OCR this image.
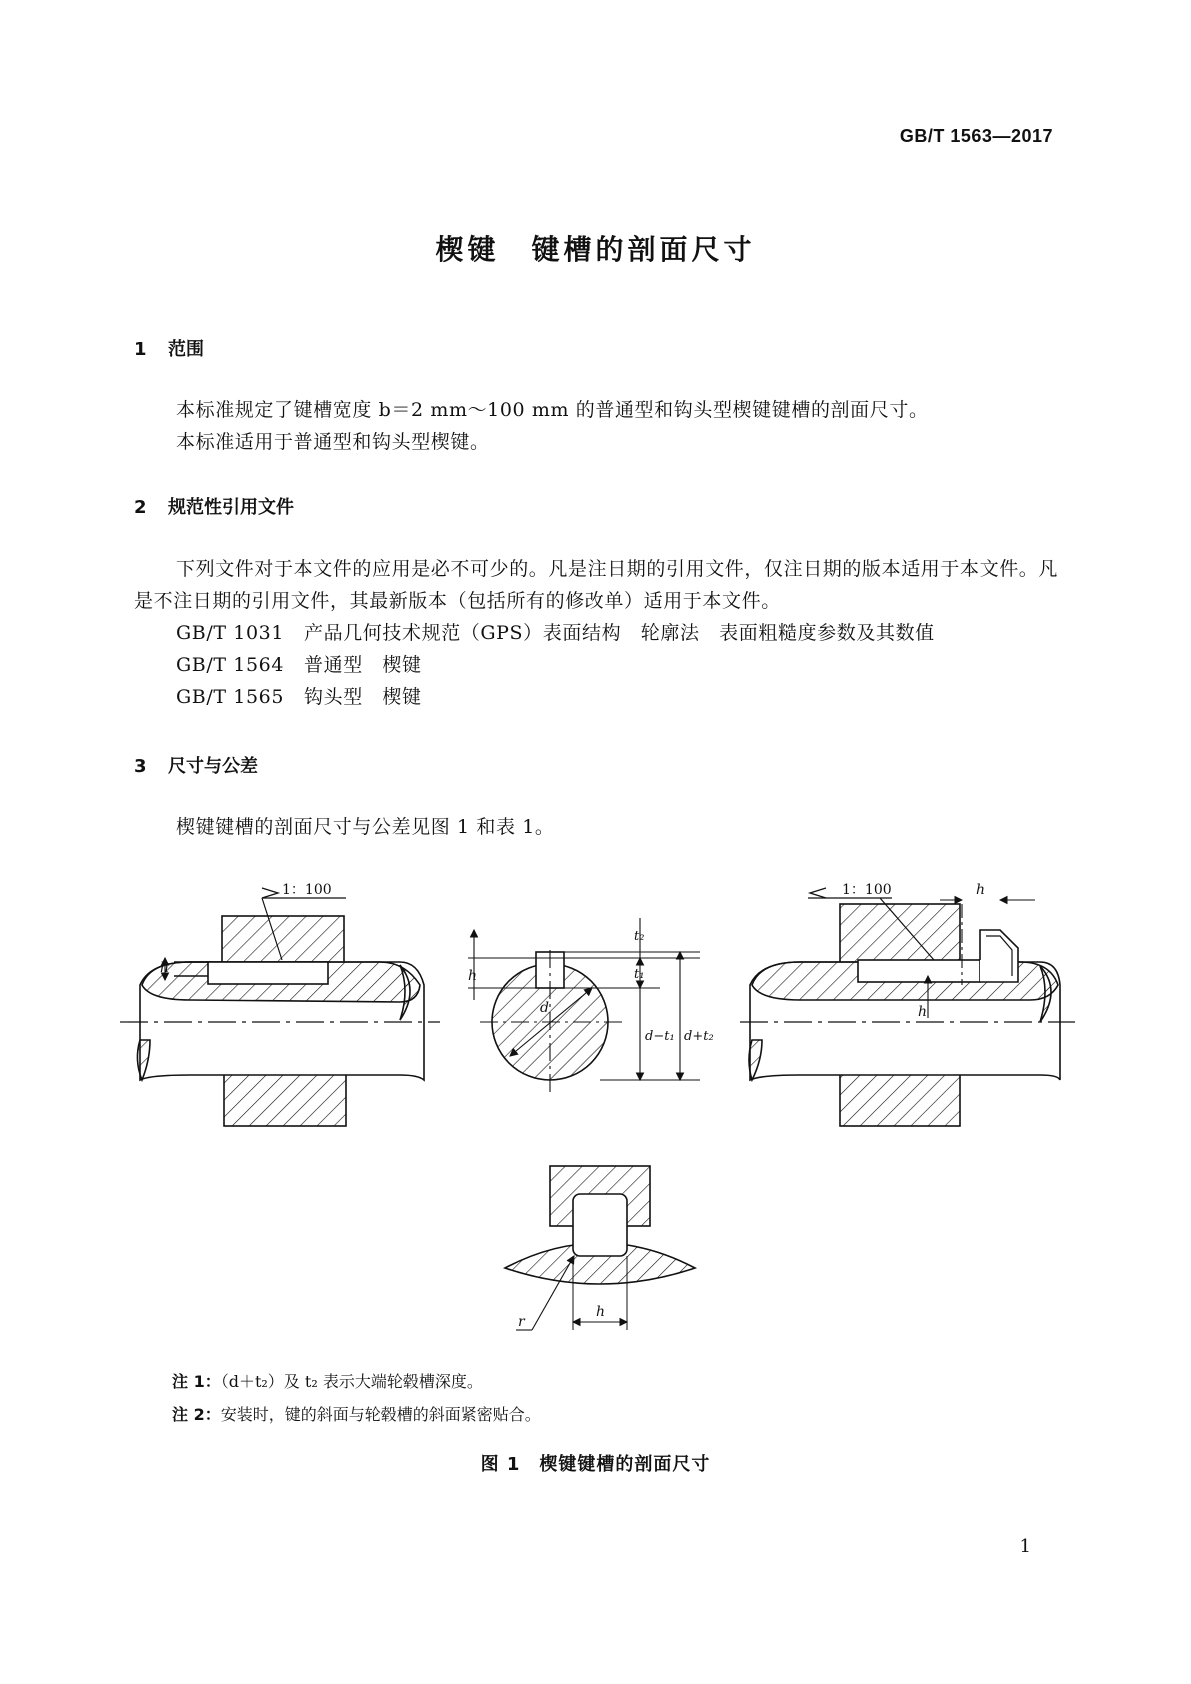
GB/T 1563—2017
楔键　键槽的剖面尺寸
1 范围

本标准规定了键槽宽度 b＝2 mm～100 mm 的普通型和钩头型楔键键槽的剖面尺寸。

本标准适用于普通型和钩头型楔键。

2 规范性引用文件

下列文件对于本文件的应用是必不可少的。凡是注日期的引用文件，仅注日期的版本适用于本文件。凡是不注日期的引用文件，其最新版本（包括所有的修改单）适用于本文件。

GB/T 1031 产品几何技术规范（GPS）表面结构　轮廓法　表面粗糙度参数及其数值
GB/T 1564 普通型　楔键
GB/T 1565 钩头型　楔键
3 尺寸与公差

楔键键槽的剖面尺寸与公差见图 1 和表 1。

1：100
h	h
t₂
t₁
d
d−t₁ d+t₂
1：100	h
h
r
h
注 1：（d＋t₂）及 t₂ 表示大端轮毂槽深度。
注 2：安装时，键的斜面与轮毂槽的斜面紧密贴合。
图 1　楔键键槽的剖面尺寸
1
